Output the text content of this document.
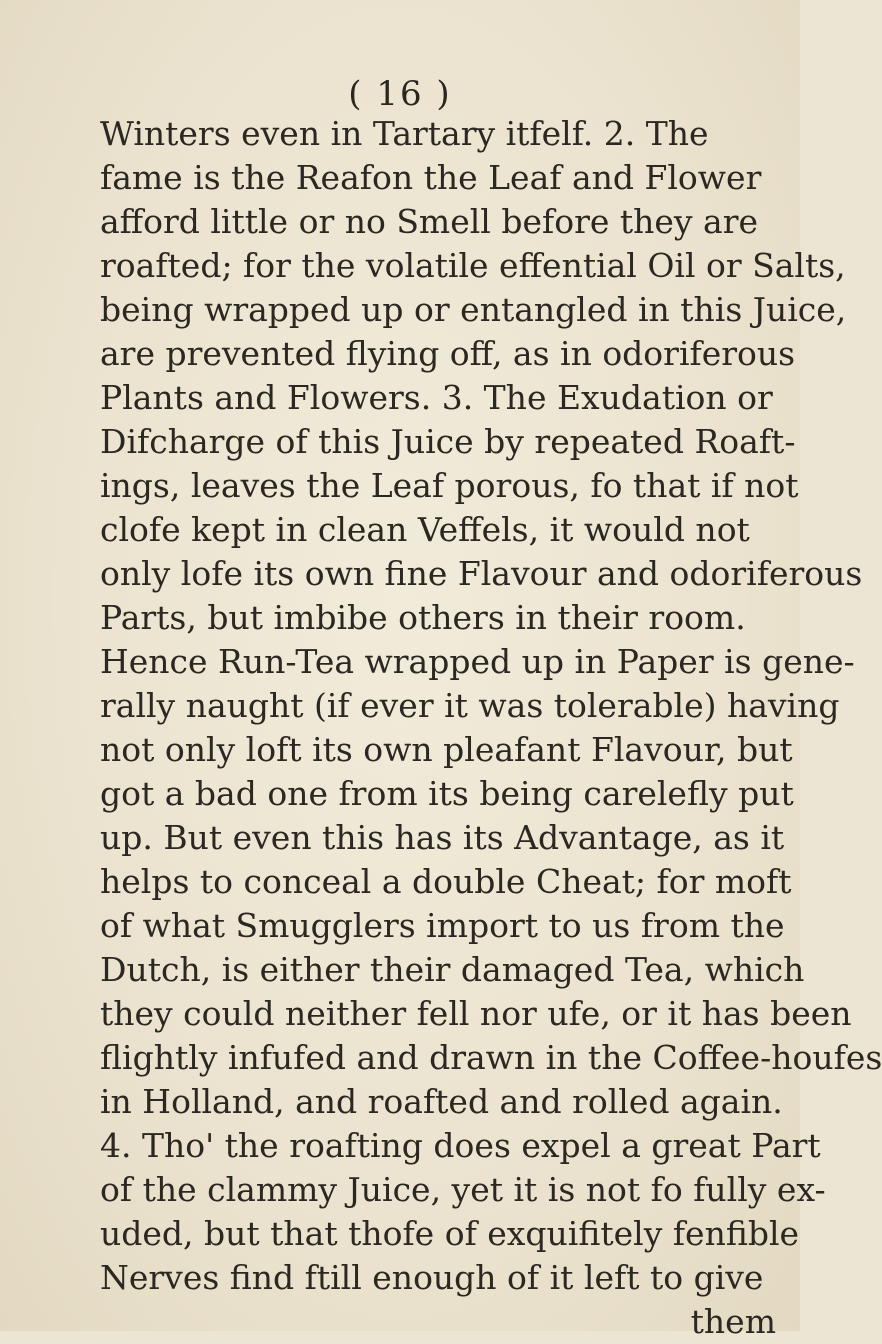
( 16 )
Winters even in Tartary itfelf. 2. The
fame is the Reafon the Leaf and Flower
afford little or no Smell before they are
roafted; for the volatile effential Oil or Salts,
being wrapped up or entangled in this Juice,
are prevented flying off, as in odoriferous
Plants and Flowers. 3. The Exudation or
Difcharge of this Juice by repeated Roaft-
ings, leaves the Leaf porous, fo that if not
clofe kept in clean Veffels, it would not
only lofe its own fine Flavour and odoriferous
Parts, but imbibe others in their room.
Hence Run-Tea wrapped up in Paper is gene-
rally naught (if ever it was tolerable) having
not only loft its own pleafant Flavour, but
got a bad one from its being carelefly put
up. But even this has its Advantage, as it
helps to conceal a double Cheat; for moft
of what Smugglers import to us from the
Dutch, is either their damaged Tea, which
they could neither fell nor ufe, or it has been
flightly infufed and drawn in the Coffee-houfes
in Holland, and roafted and rolled again.
4. Tho' the roafting does expel a great Part
of the clammy Juice, yet it is not fo fully ex-
uded, but that thofe of exquifitely fenfible
Nerves find ftill enough of it left to give
them
